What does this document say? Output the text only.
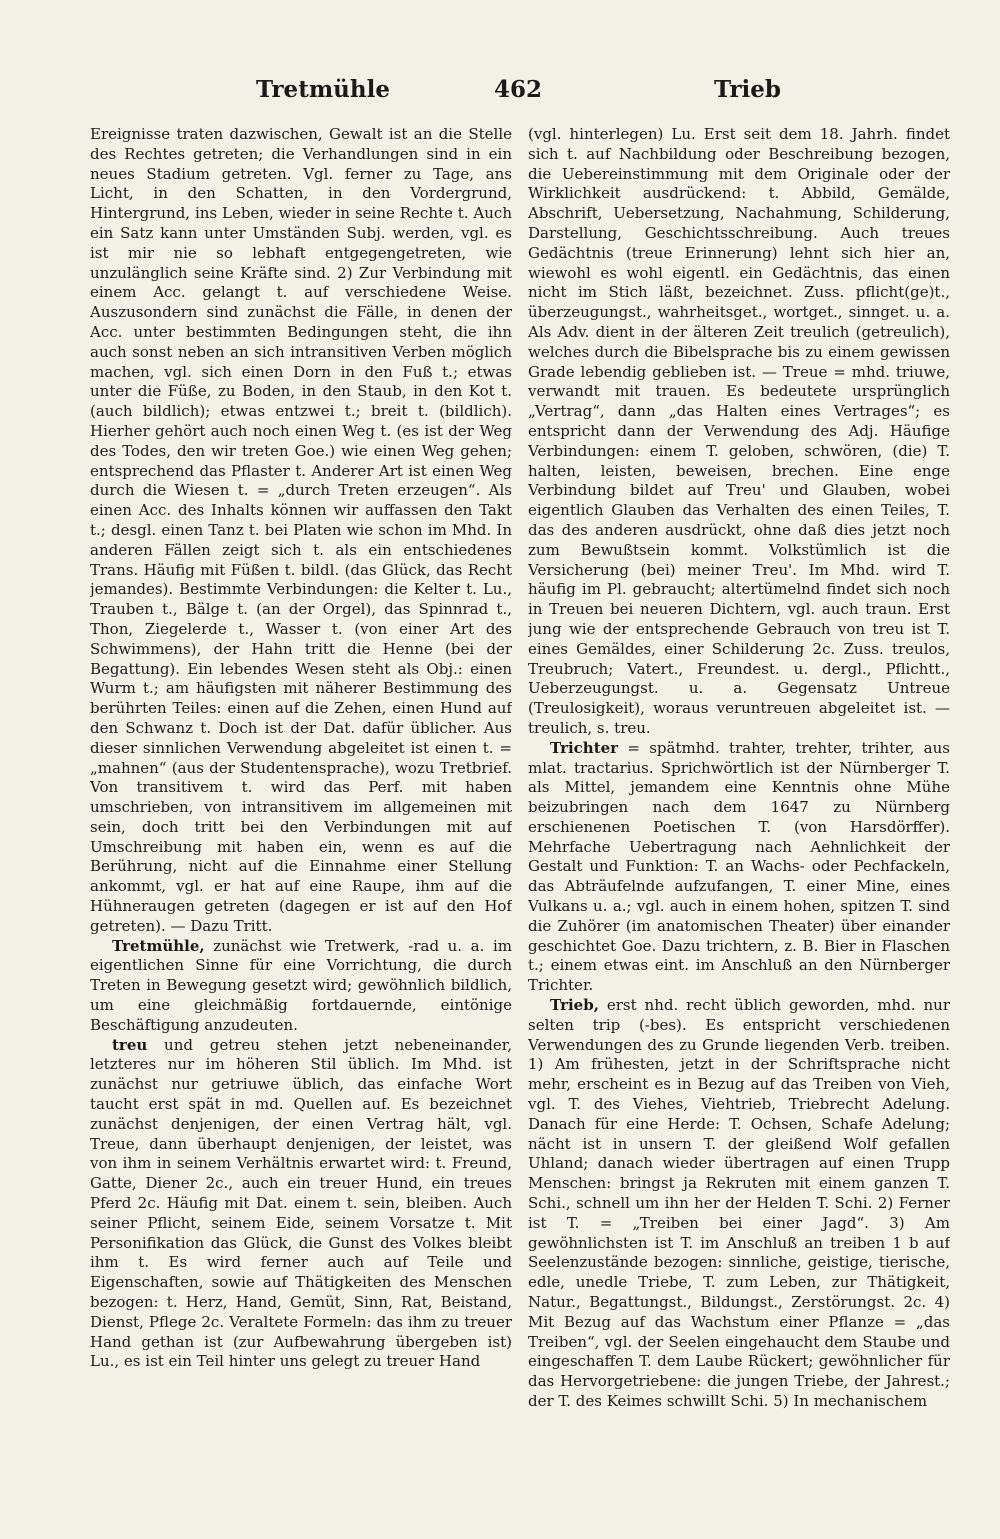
Tretmühle	462	Trieb

Ereignisse traten dazwischen, Gewalt ist an die Stelle des Rechtes getreten; die Verhandlungen sind in ein neues Stadium getreten. Vgl. ferner zu Tage, ans Licht, in den Schatten, in den Vordergrund, Hintergrund, ins Leben, wieder in seine Rechte t. Auch ein Satz kann unter Umständen Subj. werden, vgl. es ist mir nie so lebhaft entgegengetreten, wie unzulänglich seine Kräfte sind. 2) Zur Verbindung mit einem Acc. gelangt t. auf verschiedene Weise. Auszusondern sind zunächst die Fälle, in denen der Acc. unter bestimmten Bedingungen steht, die ihn auch sonst neben an sich intransitiven Verben möglich machen, vgl. sich einen Dorn in den Fuß t.; etwas unter die Füße, zu Boden, in den Staub, in den Kot t. (auch bildlich); etwas entzwei t.; breit t. (bildlich). Hierher gehört auch noch einen Weg t. (es ist der Weg des Todes, den wir treten Goe.) wie einen Weg gehen; entsprechend das Pflaster t. Anderer Art ist einen Weg durch die Wiesen t. = „durch Treten erzeugen“. Als einen Acc. des Inhalts können wir auffassen den Takt t.; desgl. einen Tanz t. bei Platen wie schon im Mhd. In anderen Fällen zeigt sich t. als ein entschiedenes Trans. Häufig mit Füßen t. bildl. (das Glück, das Recht jemandes). Bestimmte Verbindungen: die Kelter t. Lu., Trauben t., Bälge t. (an der Orgel), das Spinnrad t., Thon, Ziegelerde t., Wasser t. (von einer Art des Schwimmens), der Hahn tritt die Henne (bei der Begattung). Ein lebendes Wesen steht als Obj.: einen Wurm t.; am häufigsten mit näherer Bestimmung des berührten Teiles: einen auf die Zehen, einen Hund auf den Schwanz t. Doch ist der Dat. dafür üblicher. Aus dieser sinnlichen Verwendung abgeleitet ist einen t. = „mahnen“ (aus der Studentensprache), wozu Tretbrief. Von transitivem t. wird das Perf. mit haben umschrieben, von intransitivem im allgemeinen mit sein, doch tritt bei den Verbindungen mit auf Umschreibung mit haben ein, wenn es auf die Berührung, nicht auf die Einnahme einer Stellung ankommt, vgl. er hat auf eine Raupe, ihm auf die Hühneraugen getreten (dagegen er ist auf den Hof getreten). — Dazu Tritt.

Tretmühle, zunächst wie Tretwerk, -rad u. a. im eigentlichen Sinne für eine Vorrichtung, die durch Treten in Bewegung gesetzt wird; gewöhnlich bildlich, um eine gleichmäßig fortdauernde, eintönige Beschäftigung anzudeuten.

treu und getreu stehen jetzt nebeneinander, letzteres nur im höheren Stil üblich. Im Mhd. ist zunächst nur getriuwe üblich, das einfache Wort taucht erst spät in md. Quellen auf. Es bezeichnet zunächst denjenigen, der einen Vertrag hält, vgl. Treue, dann überhaupt denjenigen, der leistet, was von ihm in seinem Verhältnis erwartet wird: t. Freund, Gatte, Diener 2c., auch ein treuer Hund, ein treues Pferd 2c. Häufig mit Dat. einem t. sein, bleiben. Auch seiner Pflicht, seinem Eide, seinem Vorsatze t. Mit Personifikation das Glück, die Gunst des Volkes bleibt ihm t. Es wird ferner auch auf Teile und Eigenschaften, sowie auf Thätigkeiten des Menschen bezogen: t. Herz, Hand, Gemüt, Sinn, Rat, Beistand, Dienst, Pflege 2c. Veraltete Formeln: das ihm zu treuer Hand gethan ist (zur Aufbewahrung übergeben ist) Lu., es ist ein Teil hinter uns gelegt zu treuer Hand

(vgl. hinterlegen) Lu. Erst seit dem 18. Jahrh. findet sich t. auf Nachbildung oder Beschreibung bezogen, die Uebereinstimmung mit dem Originale oder der Wirklichkeit ausdrückend: t. Abbild, Gemälde, Abschrift, Uebersetzung, Nachahmung, Schilderung, Darstellung, Geschichtsschreibung. Auch treues Gedächtnis (treue Erinnerung) lehnt sich hier an, wiewohl es wohl eigentl. ein Gedächtnis, das einen nicht im Stich läßt, bezeichnet. Zuss. pflicht(ge)t., überzeugungst., wahrheitsget., wortget., sinnget. u. a. Als Adv. dient in der älteren Zeit treulich (getreulich), welches durch die Bibelsprache bis zu einem gewissen Grade lebendig geblieben ist. — Treue = mhd. triuwe, verwandt mit trauen. Es bedeutete ursprünglich „Vertrag“, dann „das Halten eines Vertrages“; es entspricht dann der Verwendung des Adj. Häufige Verbindungen: einem T. geloben, schwören, (die) T. halten, leisten, beweisen, brechen. Eine enge Verbindung bildet auf Treu' und Glauben, wobei eigentlich Glauben das Verhalten des einen Teiles, T. das des anderen ausdrückt, ohne daß dies jetzt noch zum Bewußtsein kommt. Volkstümlich ist die Versicherung (bei) meiner Treu'. Im Mhd. wird T. häufig im Pl. gebraucht; altertümelnd findet sich noch in Treuen bei neueren Dichtern, vgl. auch traun. Erst jung wie der entsprechende Gebrauch von treu ist T. eines Gemäldes, einer Schilderung 2c. Zuss. treulos, Treubruch; Vatert., Freundest. u. dergl., Pflichtt., Ueberzeugungst. u. a. Gegensatz Untreue (Treulosigkeit), woraus veruntreuen abgeleitet ist. — treulich, s. treu.

Trichter = spätmhd. trahter, trehter, trihter, aus mlat. tractarius. Sprichwörtlich ist der Nürnberger T. als Mittel, jemandem eine Kenntnis ohne Mühe beizubringen nach dem 1647 zu Nürnberg erschienenen Poetischen T. (von Harsdörffer). Mehrfache Uebertragung nach Aehnlichkeit der Gestalt und Funktion: T. an Wachs- oder Pechfackeln, das Abträufelnde aufzufangen, T. einer Mine, eines Vulkans u. a.; vgl. auch in einem hohen, spitzen T. sind die Zuhörer (im anatomischen Theater) über einander geschichtet Goe. Dazu trichtern, z. B. Bier in Flaschen t.; einem etwas eint. im Anschluß an den Nürnberger Trichter.

Trieb, erst nhd. recht üblich geworden, mhd. nur selten trip (-bes). Es entspricht verschiedenen Verwendungen des zu Grunde liegenden Verb. treiben. 1) Am frühesten, jetzt in der Schriftsprache nicht mehr, erscheint es in Bezug auf das Treiben von Vieh, vgl. T. des Viehes, Viehtrieb, Triebrecht Adelung. Danach für eine Herde: T. Ochsen, Schafe Adelung; nächt ist in unsern T. der gleißend Wolf gefallen Uhland; danach wieder übertragen auf einen Trupp Menschen: bringst ja Rekruten mit einem ganzen T. Schi., schnell um ihn her der Helden T. Schi. 2) Ferner ist T. = „Treiben bei einer Jagd“. 3) Am gewöhnlichsten ist T. im Anschluß an treiben 1 b auf Seelenzustände bezogen: sinnliche, geistige, tierische, edle, unedle Triebe, T. zum Leben, zur Thätigkeit, Natur., Begattungst., Bildungst., Zerstörungst. 2c. 4) Mit Bezug auf das Wachstum einer Pflanze = „das Treiben“, vgl. der Seelen eingehaucht dem Staube und eingeschaffen T. dem Laube Rückert; gewöhnlicher für das Hervorgetriebene: die jungen Triebe, der Jahrest.; der T. des Keimes schwillt Schi. 5) In mechanischem
